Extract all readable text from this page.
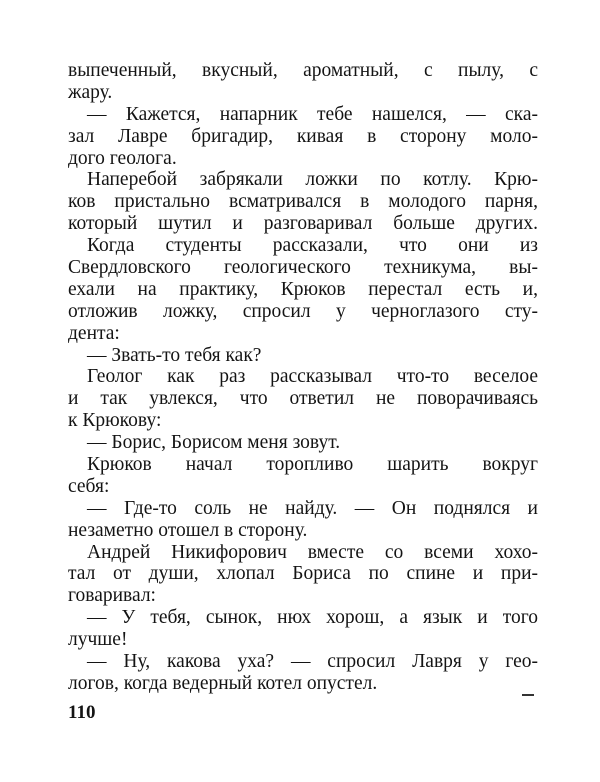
выпеченный, вкусный, ароматный, с пылу, с
жару.
— Кажется, напарник тебе нашелся, — ска-
зал Лавре бригадир, кивая в сторону моло-
дого геолога.
Наперебой забрякали ложки по котлу. Крю-
ков пристально всматривался в молодого парня,
который шутил и разговаривал больше других.
Когда студенты рассказали, что они из
Свердловского геологического техникума, вы-
ехали на практику, Крюков перестал есть и,
отложив ложку, спросил у черноглазого сту-
дента:
— Звать-то тебя как?
Геолог как раз рассказывал что-то веселое
и так увлекся, что ответил не поворачиваясь
к Крюкову:
— Борис, Борисом меня зовут.
Крюков начал торопливо шарить вокруг
себя:
— Где-то соль не найду. — Он поднялся и
незаметно отошел в сторону.
Андрей Никифорович вместе со всеми хохо-
тал от души, хлопал Бориса по спине и при-
говаривал:
— У тебя, сынок, нюх хорош, а язык и того
лучше!
— Ну, какова уха? — спросил Лавря у гео-
логов, когда ведерный котел опустел.
110
